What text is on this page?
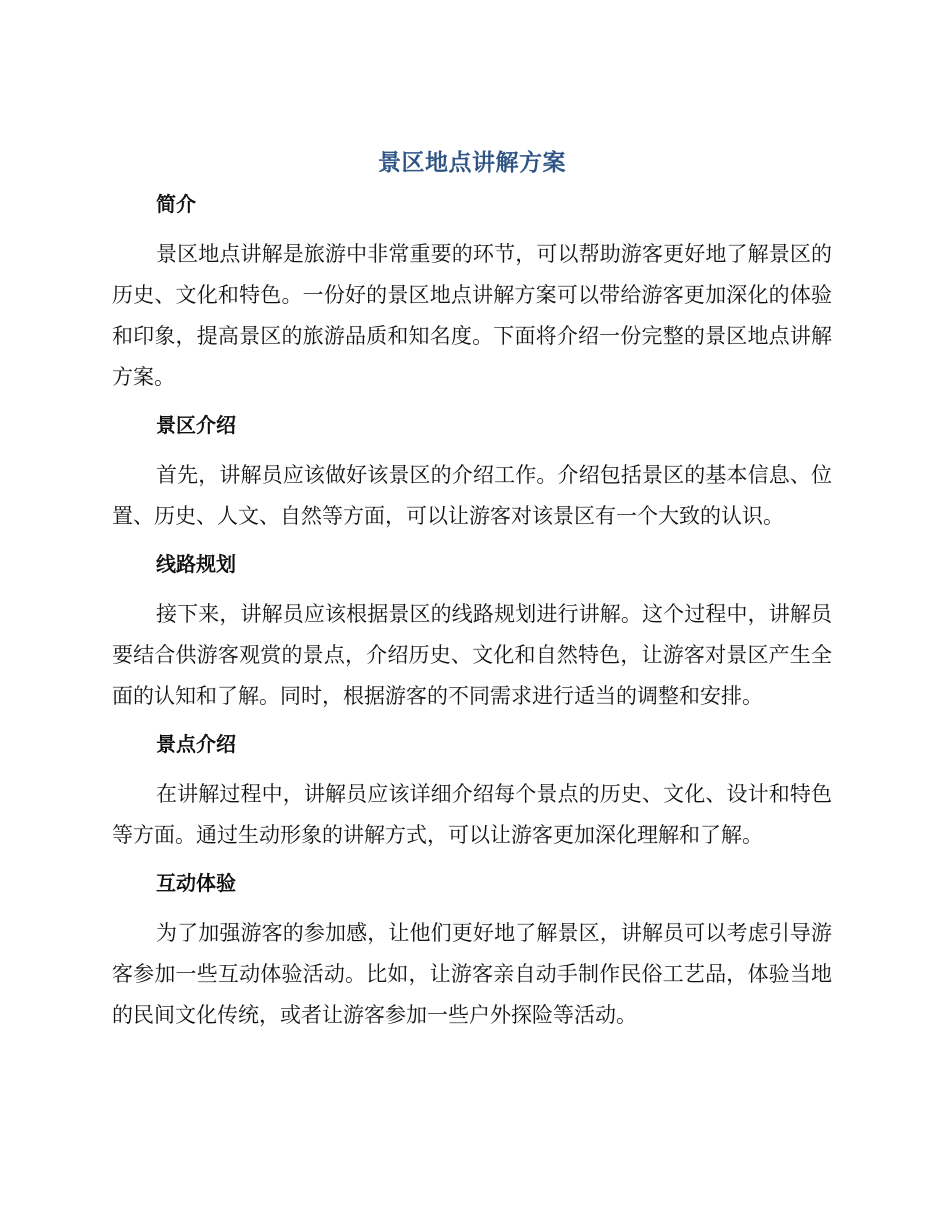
景区地点讲解方案
简介
景区地点讲解是旅游中非常重要的环节，可以帮助游客更好地了解景区的历史、文化和特色。一份好的景区地点讲解方案可以带给游客更加深化的体验和印象，提高景区的旅游品质和知名度。下面将介绍一份完整的景区地点讲解方案。
景区介绍
首先，讲解员应该做好该景区的介绍工作。介绍包括景区的基本信息、位置、历史、人文、自然等方面，可以让游客对该景区有一个大致的认识。
线路规划
接下来，讲解员应该根据景区的线路规划进行讲解。这个过程中，讲解员要结合供游客观赏的景点，介绍历史、文化和自然特色，让游客对景区产生全面的认知和了解。同时，根据游客的不同需求进行适当的调整和安排。
景点介绍
在讲解过程中，讲解员应该详细介绍每个景点的历史、文化、设计和特色等方面。通过生动形象的讲解方式，可以让游客更加深化理解和了解。
互动体验
为了加强游客的参加感，让他们更好地了解景区，讲解员可以考虑引导游客参加一些互动体验活动。比如，让游客亲自动手制作民俗工艺品，体验当地的民间文化传统，或者让游客参加一些户外探险等活动。
